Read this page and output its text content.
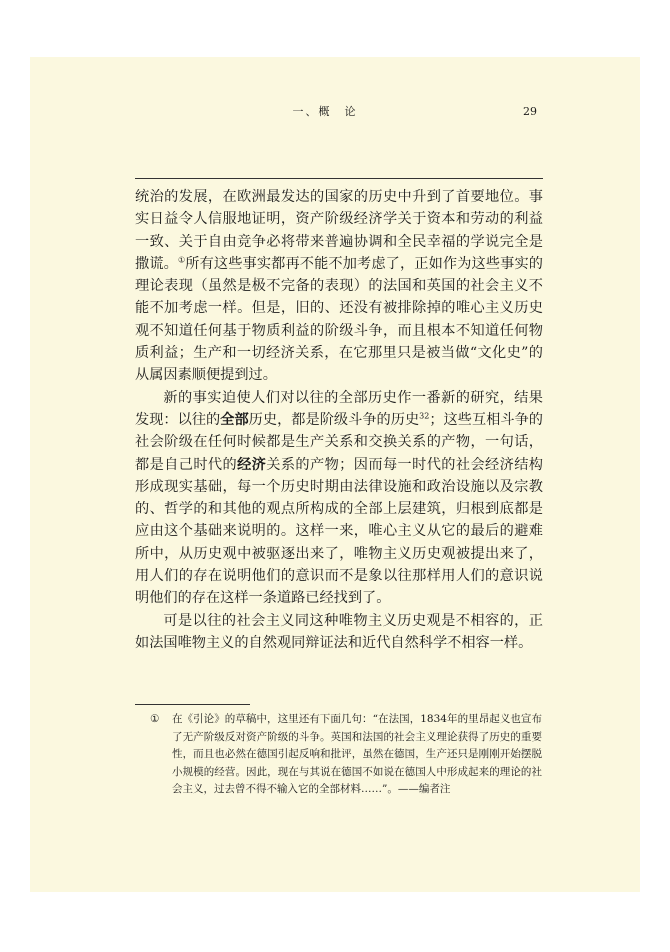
一、概　论	29

统治的发展，在欧洲最发达的国家的历史中升到了首要地位。事实日益令人信服地证明，资产阶级经济学关于资本和劳动的利益一致、关于自由竞争必将带来普遍协调和全民幸福的学说完全是撒谎。①所有这些事实都再不能不加考虑了，正如作为这些事实的理论表现（虽然是极不完备的表现）的法国和英国的社会主义不能不加考虑一样。但是，旧的、还没有被排除掉的唯心主义历史观不知道任何基于物质利益的阶级斗争，而且根本不知道任何物质利益；生产和一切经济关系，在它那里只是被当做“文化史”的从属因素顺便提到过。

新的事实迫使人们对以往的全部历史作一番新的研究，结果发现：以往的全部历史，都是阶级斗争的历史$^{32}$；这些互相斗争的社会阶级在任何时候都是生产关系和交换关系的产物，一句话，都是自己时代的经济关系的产物；因而每一时代的社会经济结构形成现实基础，每一个历史时期由法律设施和政治设施以及宗教的、哲学的和其他的观点所构成的全部上层建筑，归根到底都是应由这个基础来说明的。这样一来，唯心主义从它的最后的避难所中，从历史观中被驱逐出来了，唯物主义历史观被提出来了，用人们的存在说明他们的意识而不是象以往那样用人们的意识说明他们的存在这样一条道路已经找到了。

可是以往的社会主义同这种唯物主义历史观是不相容的，正如法国唯物主义的自然观同辩证法和近代自然科学不相容一样。

① 在《引论》的草稿中，这里还有下面几句：“在法国，1834年的里昂起义也宣布了无产阶级反对资产阶级的斗争。英国和法国的社会主义理论获得了历史的重要性，而且也必然在德国引起反响和批评，虽然在德国，生产还只是刚刚开始摆脱小规模的经营。因此，现在与其说在德国不如说在德国人中形成起来的理论的社会主义，过去曾不得不输入它的全部材料……”。——编者注
